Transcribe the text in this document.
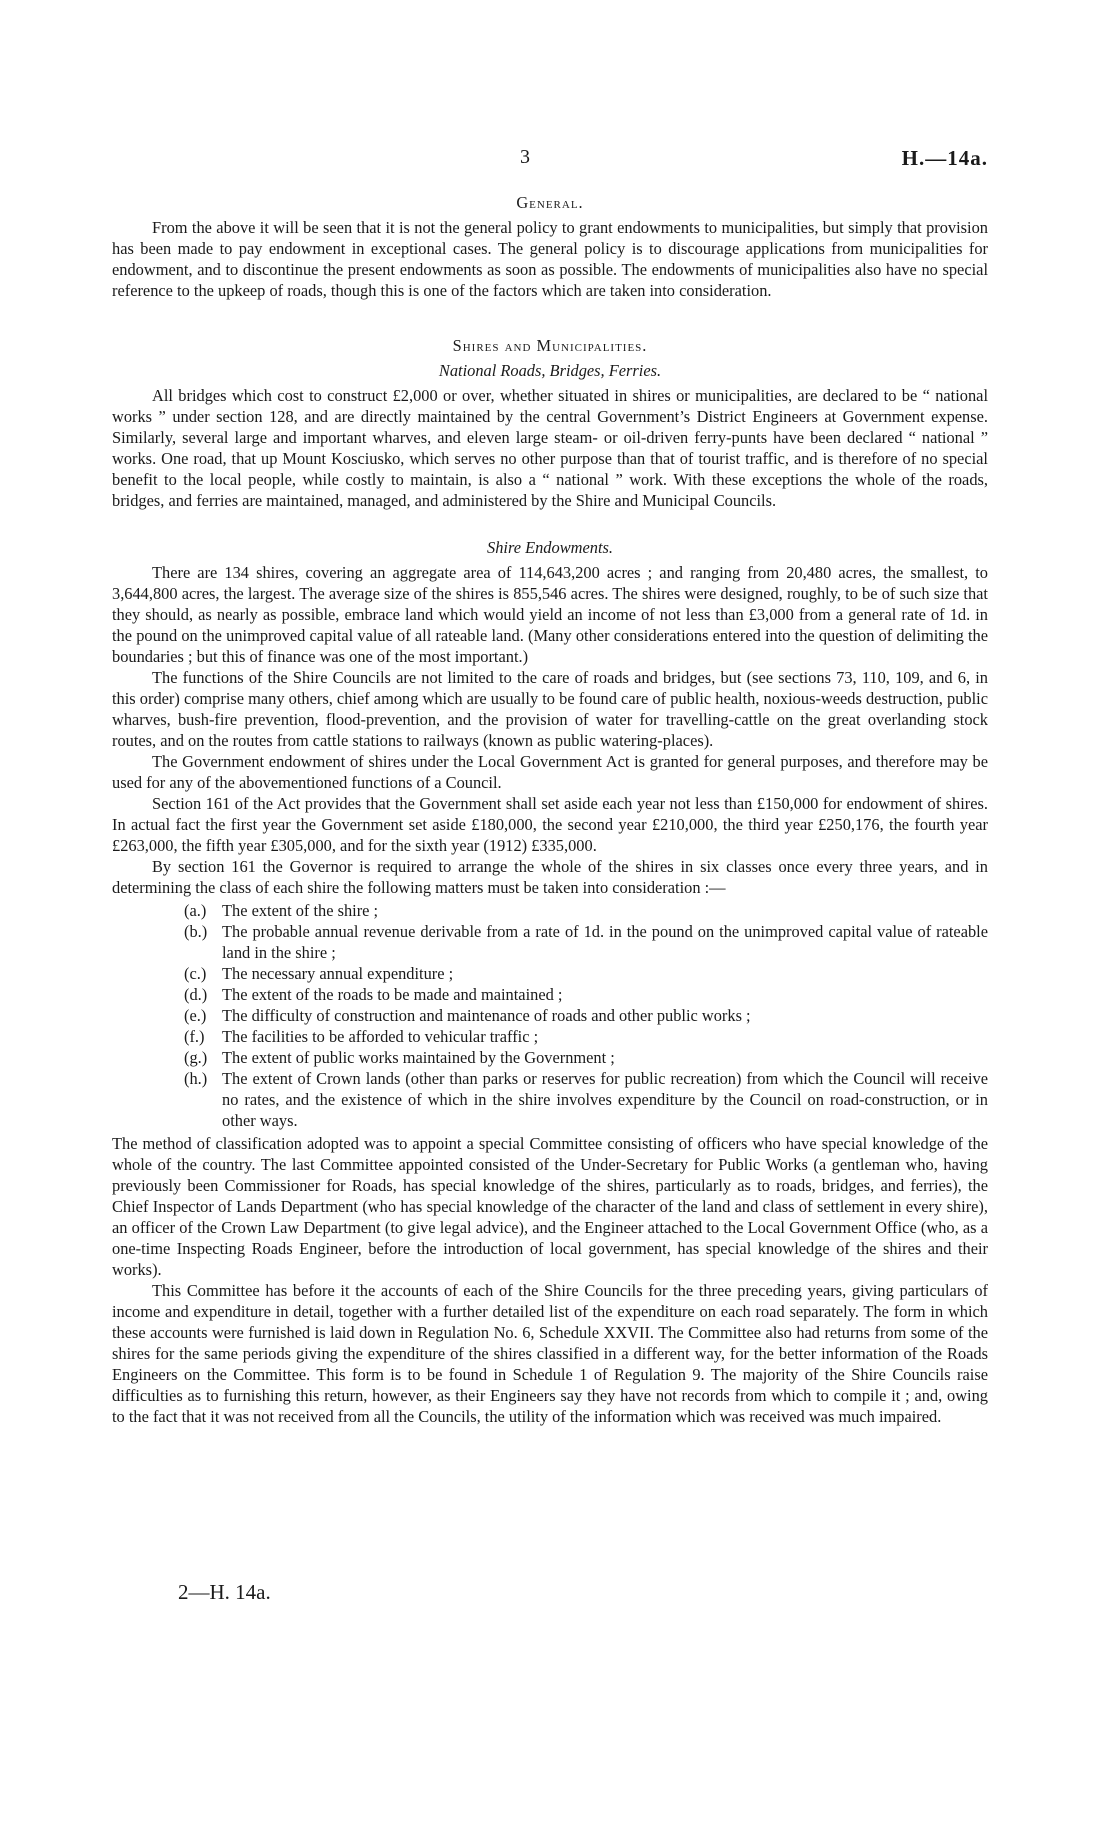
3	H.—14a.
General.

From the above it will be seen that it is not the general policy to grant endowments to municipalities, but simply that provision has been made to pay endowment in exceptional cases. The general policy is to discourage applications from municipalities for endowment, and to discontinue the present endowments as soon as possible. The endowments of municipalities also have no special reference to the upkeep of roads, though this is one of the factors which are taken into consideration.

Shires and Municipalities.
National Roads, Bridges, Ferries.

All bridges which cost to construct £2,000 or over, whether situated in shires or municipalities, are declared to be “ national works ” under section 128, and are directly maintained by the central Government’s District Engineers at Government expense. Similarly, several large and important wharves, and eleven large steam- or oil-driven ferry-punts have been declared “ national ” works. One road, that up Mount Kosciusko, which serves no other purpose than that of tourist traffic, and is therefore of no special benefit to the local people, while costly to maintain, is also a “ national ” work. With these exceptions the whole of the roads, bridges, and ferries are maintained, managed, and administered by the Shire and Municipal Councils.

Shire Endowments.

There are 134 shires, covering an aggregate area of 114,643,200 acres ; and ranging from 20,480 acres, the smallest, to 3,644,800 acres, the largest. The average size of the shires is 855,546 acres. The shires were designed, roughly, to be of such size that they should, as nearly as possible, embrace land which would yield an income of not less than £3,000 from a general rate of 1d. in the pound on the unimproved capital value of all rateable land. (Many other considerations entered into the question of delimiting the boundaries ; but this of finance was one of the most important.)

The functions of the Shire Councils are not limited to the care of roads and bridges, but (see sections 73, 110, 109, and 6, in this order) comprise many others, chief among which are usually to be found care of public health, noxious-weeds destruction, public wharves, bush-fire prevention, flood-prevention, and the provision of water for travelling-cattle on the great overlanding stock routes, and on the routes from cattle stations to railways (known as public watering-places).

The Government endowment of shires under the Local Government Act is granted for general purposes, and therefore may be used for any of the abovementioned functions of a Council.

Section 161 of the Act provides that the Government shall set aside each year not less than £150,000 for endowment of shires. In actual fact the first year the Government set aside £180,000, the second year £210,000, the third year £250,176, the fourth year £263,000, the fifth year £305,000, and for the sixth year (1912) £335,000.

By section 161 the Governor is required to arrange the whole of the shires in six classes once every three years, and in determining the class of each shire the following matters must be taken into consideration :—

(a.) The extent of the shire ;
(b.) The probable annual revenue derivable from a rate of 1d. in the pound on the unimproved capital value of rateable land in the shire ;
(c.) The necessary annual expenditure ;
(d.) The extent of the roads to be made and maintained ;
(e.) The difficulty of construction and maintenance of roads and other public works ;
(f.) The facilities to be afforded to vehicular traffic ;
(g.) The extent of public works maintained by the Government ;
(h.) The extent of Crown lands (other than parks or reserves for public recreation) from which the Council will receive no rates, and the existence of which in the shire involves expenditure by the Council on road-construction, or in other ways.

The method of classification adopted was to appoint a special Committee consisting of officers who have special knowledge of the whole of the country. The last Committee appointed consisted of the Under-Secretary for Public Works (a gentleman who, having previously been Commissioner for Roads, has special knowledge of the shires, particularly as to roads, bridges, and ferries), the Chief Inspector of Lands Department (who has special knowledge of the character of the land and class of settlement in every shire), an officer of the Crown Law Department (to give legal advice), and the Engineer attached to the Local Government Office (who, as a one-time Inspecting Roads Engineer, before the introduction of local government, has special knowledge of the shires and their works).

This Committee has before it the accounts of each of the Shire Councils for the three preceding years, giving particulars of income and expenditure in detail, together with a further detailed list of the expenditure on each road separately. The form in which these accounts were furnished is laid down in Regulation No. 6, Schedule XXVII. The Committee also had returns from some of the shires for the same periods giving the expenditure of the shires classified in a different way, for the better information of the Roads Engineers on the Committee. This form is to be found in Schedule 1 of Regulation 9. The majority of the Shire Councils raise difficulties as to furnishing this return, however, as their Engineers say they have not records from which to compile it ; and, owing to the fact that it was not received from all the Councils, the utility of the information which was received was much impaired.

2—H. 14a.
